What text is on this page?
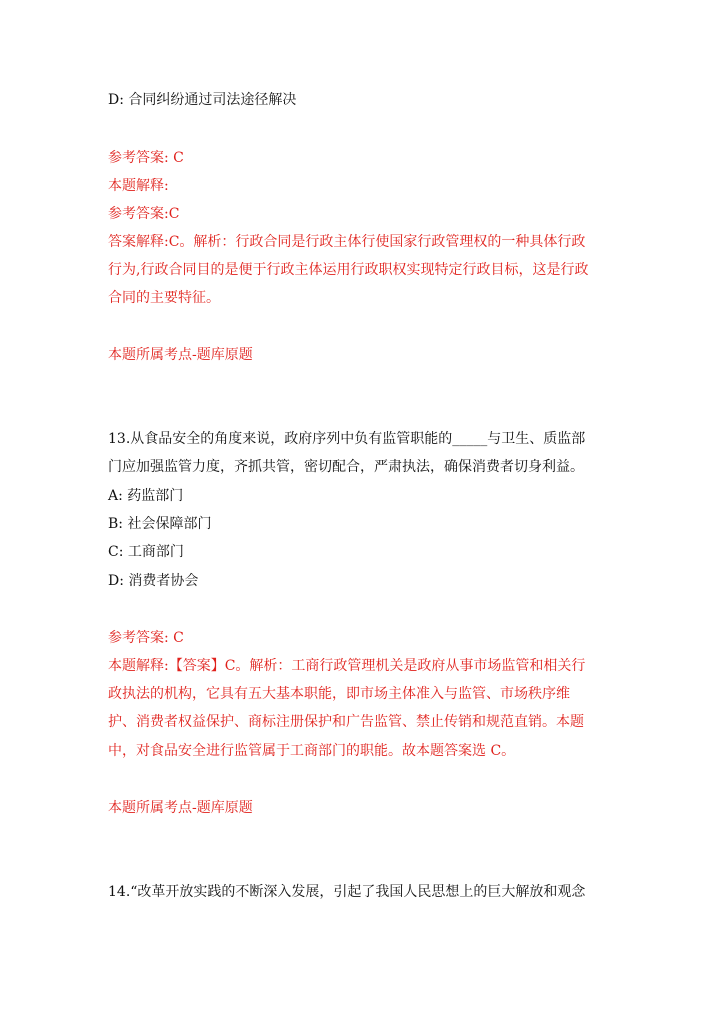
D: 合同纠纷通过司法途径解决
参考答案: C
本题解释:
参考答案:C
答案解释:C。解析：行政合同是行政主体行使国家行政管理权的一种具体行政
行为,行政合同目的是便于行政主体运用行政职权实现特定行政目标，这是行政
合同的主要特征。
本题所属考点-题库原题
13.从食品安全的角度来说，政府序列中负有监管职能的_____与卫生、质监部
门应加强监管力度，齐抓共管，密切配合，严肃执法，确保消费者切身利益。
A: 药监部门
B: 社会保障部门
C: 工商部门
D: 消费者协会
参考答案: C
本题解释:【答案】C。解析：工商行政管理机关是政府从事市场监管和相关行
政执法的机构，它具有五大基本职能，即市场主体准入与监管、市场秩序维
护、消费者权益保护、商标注册保护和广告监管、禁止传销和规范直销。本题
中，对食品安全进行监管属于工商部门的职能。故本题答案选 C。
本题所属考点-题库原题
14.“改革开放实践的不断深入发展，引起了我国人民思想上的巨大解放和观念
